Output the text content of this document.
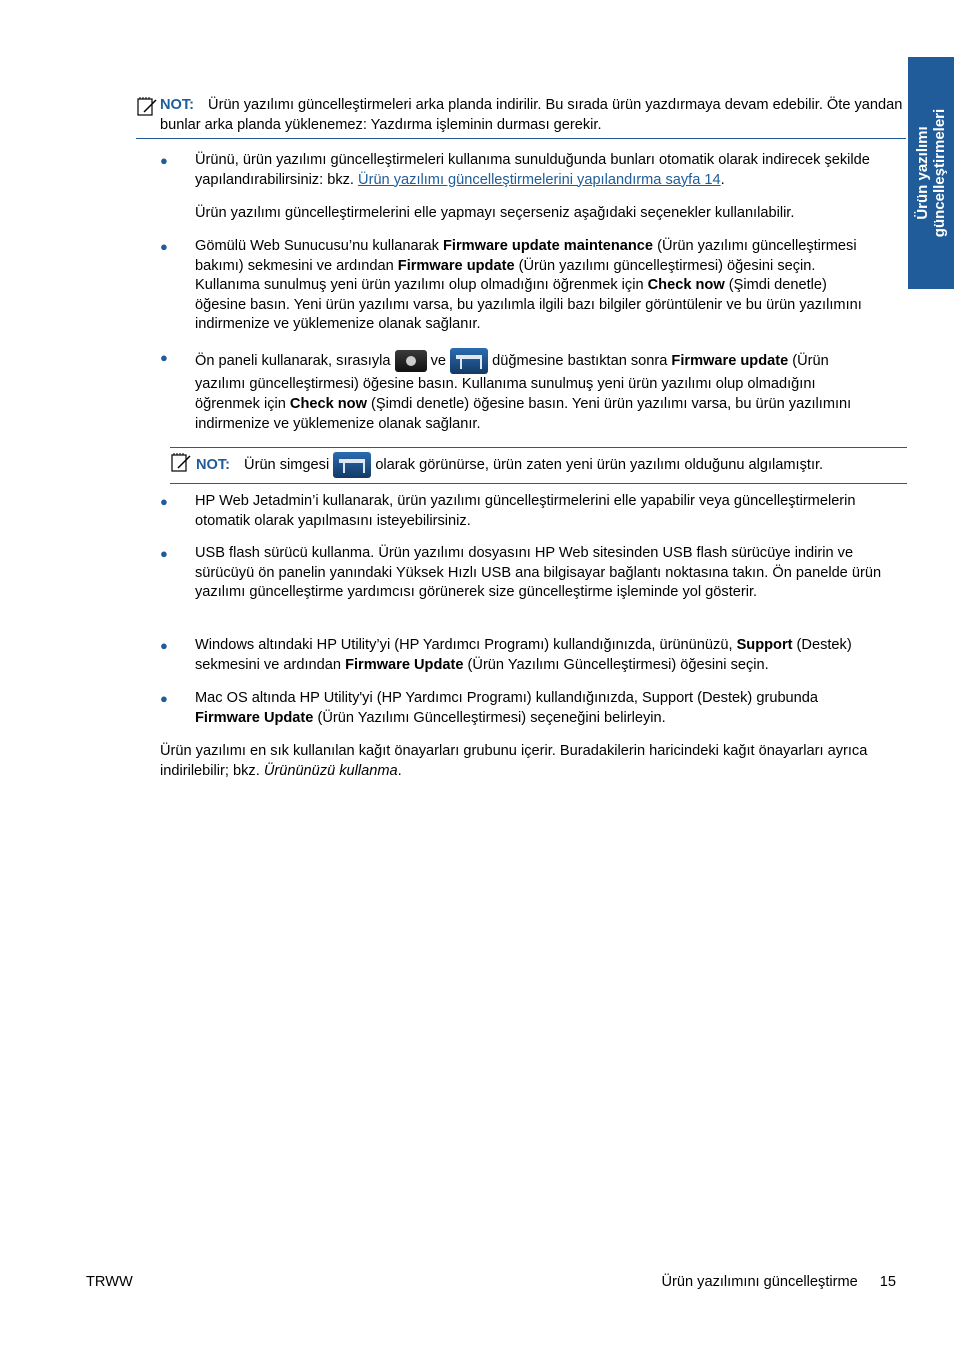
Ürün yazılımı güncelleştirmeleri
NOT: Ürün yazılımı güncelleştirmeleri arka planda indirilir. Bu sırada ürün yazdırmaya devam edebilir. Öte yandan bunlar arka planda yüklenemez: Yazdırma işleminin durması gerekir.
● Ürünü, ürün yazılımı güncelleştirmeleri kullanıma sunulduğunda bunları otomatik olarak indirecek şekilde yapılandırabilirsiniz: bkz. Ürün yazılımı güncelleştirmelerini yapılandırma sayfa 14.
Ürün yazılımı güncelleştirmelerini elle yapmayı seçerseniz aşağıdaki seçenekler kullanılabilir.
● Gömülü Web Sunucusu’nu kullanarak Firmware update maintenance (Ürün yazılımı güncelleştirmesi bakımı) sekmesini ve ardından Firmware update (Ürün yazılımı güncelleştirmesi) öğesini seçin. Kullanıma sunulmuş yeni ürün yazılımı olup olmadığını öğrenmek için Check now (Şimdi denetle) öğesine basın. Yeni ürün yazılımı varsa, bu yazılımla ilgili bazı bilgiler görüntülenir ve bu ürün yazılımını indirmenize ve yüklemenize olanak sağlanır.
● Ön paneli kullanarak, sırasıyla  ve	düğmesine bastıktan sonra Firmware update (Ürün yazılımı güncelleştirmesi) öğesine basın. Kullanıma sunulmuş yeni ürün yazılımı olup olmadığını öğrenmek için Check now (Şimdi denetle) öğesine basın. Yeni ürün yazılımı varsa, bu ürün yazılımını indirmenize ve yüklemenize olanak sağlanır.
NOT: Ürün simgesi	olarak görünürse, ürün zaten yeni ürün yazılımı olduğunu algılamıştır.
● HP Web Jetadmin’i kullanarak, ürün yazılımı güncelleştirmelerini elle yapabilir veya güncelleştirmelerin otomatik olarak yapılmasını isteyebilirsiniz.
● USB flash sürücü kullanma. Ürün yazılımı dosyasını HP Web sitesinden USB flash sürücüye indirin ve sürücüyü ön panelin yanındaki Yüksek Hızlı USB ana bilgisayar bağlantı noktasına takın. Ön panelde ürün yazılımı güncelleştirme yardımcısı görünerek size güncelleştirme işleminde yol gösterir.
● Windows altındaki HP Utility’yi (HP Yardımcı Programı) kullandığınızda, ürününüzü, Support (Destek) sekmesini ve ardından Firmware Update (Ürün Yazılımı Güncelleştirmesi) öğesini seçin.
● Mac OS altında HP Utility'yi (HP Yardımcı Programı) kullandığınızda, Support (Destek) grubunda Firmware Update (Ürün Yazılımı Güncelleştirmesi) seçeneğini belirleyin.
Ürün yazılımı en sık kullanılan kağıt önayarları grubunu içerir. Buradakilerin haricindeki kağıt önayarları ayrıca indirilebilir; bkz. Ürününüzü kullanma.
TRWW	Ürün yazılımını güncelleştirme 15
